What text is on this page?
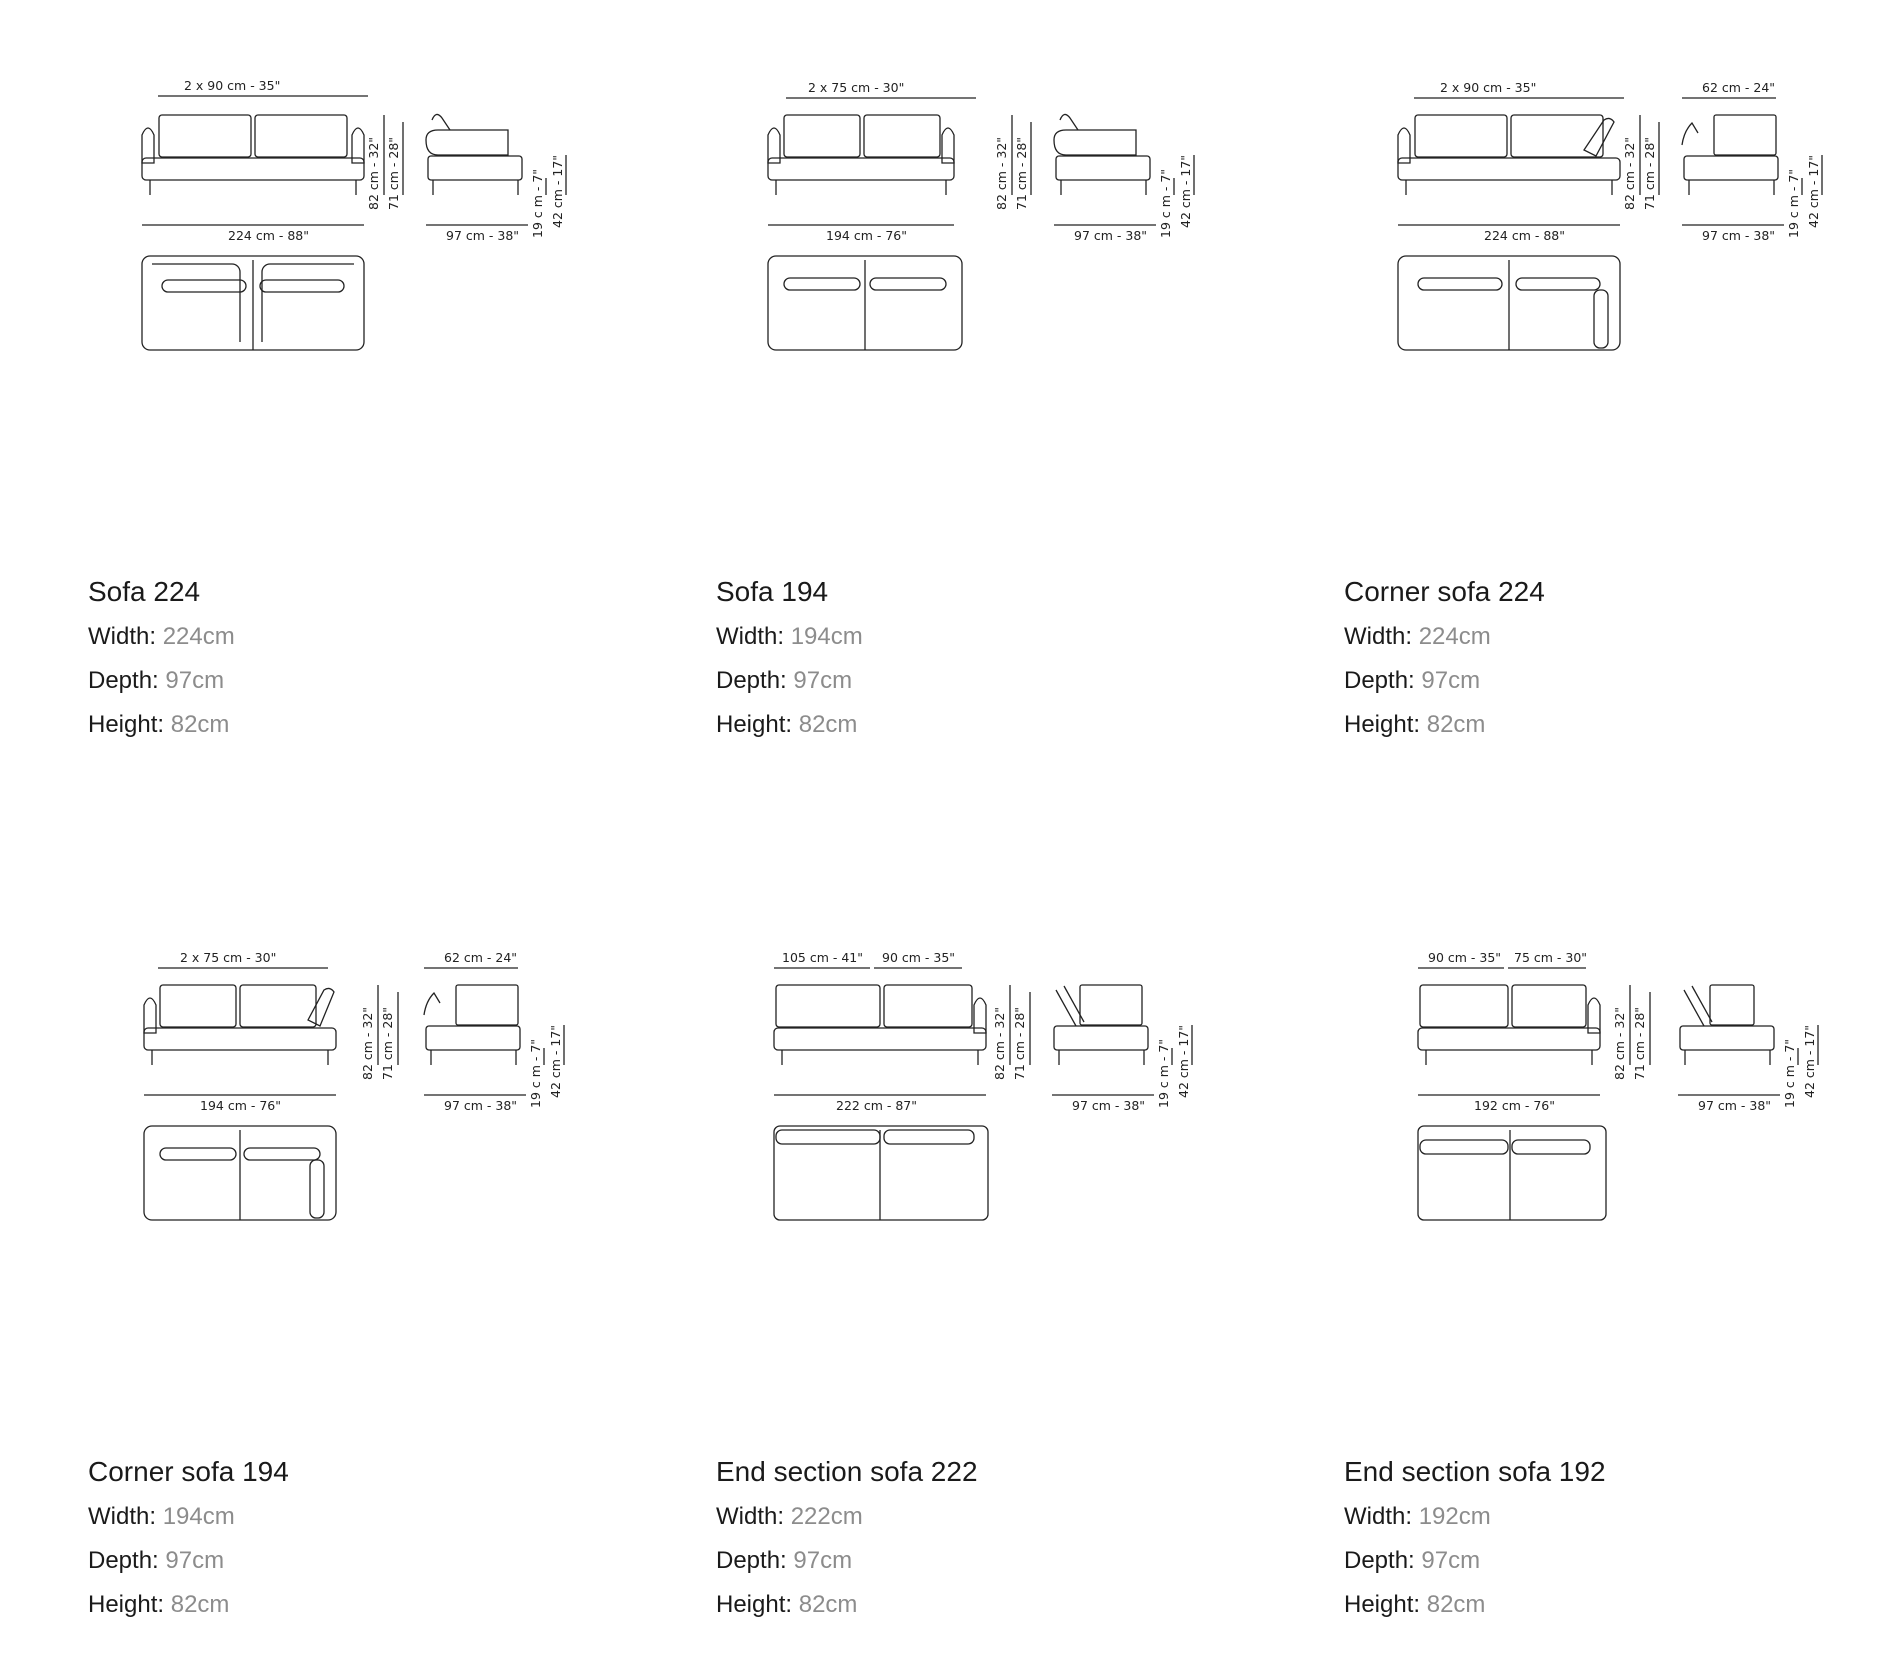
2 x 90 cm - 35"
224 cm - 88"
82 cm - 32" 71 cm - 28"
97 cm - 38" 19 c m - 7" 42 cm - 17"

Sofa 224

Width: 224cm

Depth: 97cm

Height: 82cm

2 x 75 cm - 30"
194 cm - 76"
82 cm - 32" 71 cm - 28"
97 cm - 38" 19 c m - 7" 42 cm - 17"

Sofa 194

Width: 194cm

Depth: 97cm

Height: 82cm

2 x 90 cm - 35"
224 cm - 88"
82 cm - 32" 71 cm - 28"
62 cm - 24"
97 cm - 38" 19 c m - 7" 42 cm - 17"

Corner sofa 224

Width: 224cm

Depth: 97cm

Height: 82cm

2 x 75 cm - 30"
194 cm - 76"
82 cm - 32" 71 cm - 28"
62 cm - 24"
97 cm - 38" 19 c m - 7" 42 cm - 17"

Corner sofa 194

Width: 194cm

Depth: 97cm

Height: 82cm

105 cm - 41" 90 cm - 35"
222 cm - 87"
82 cm - 32" 71 cm - 28"
97 cm - 38" 19 c m - 7" 42 cm - 17"

End section sofa 222

Width: 222cm

Depth: 97cm

Height: 82cm

90 cm - 35" 75 cm - 30"
192 cm - 76"
82 cm - 32" 71 cm - 28"
97 cm - 38" 19 c m - 7" 42 cm - 17"

End section sofa 192

Width: 192cm

Depth: 97cm

Height: 82cm
